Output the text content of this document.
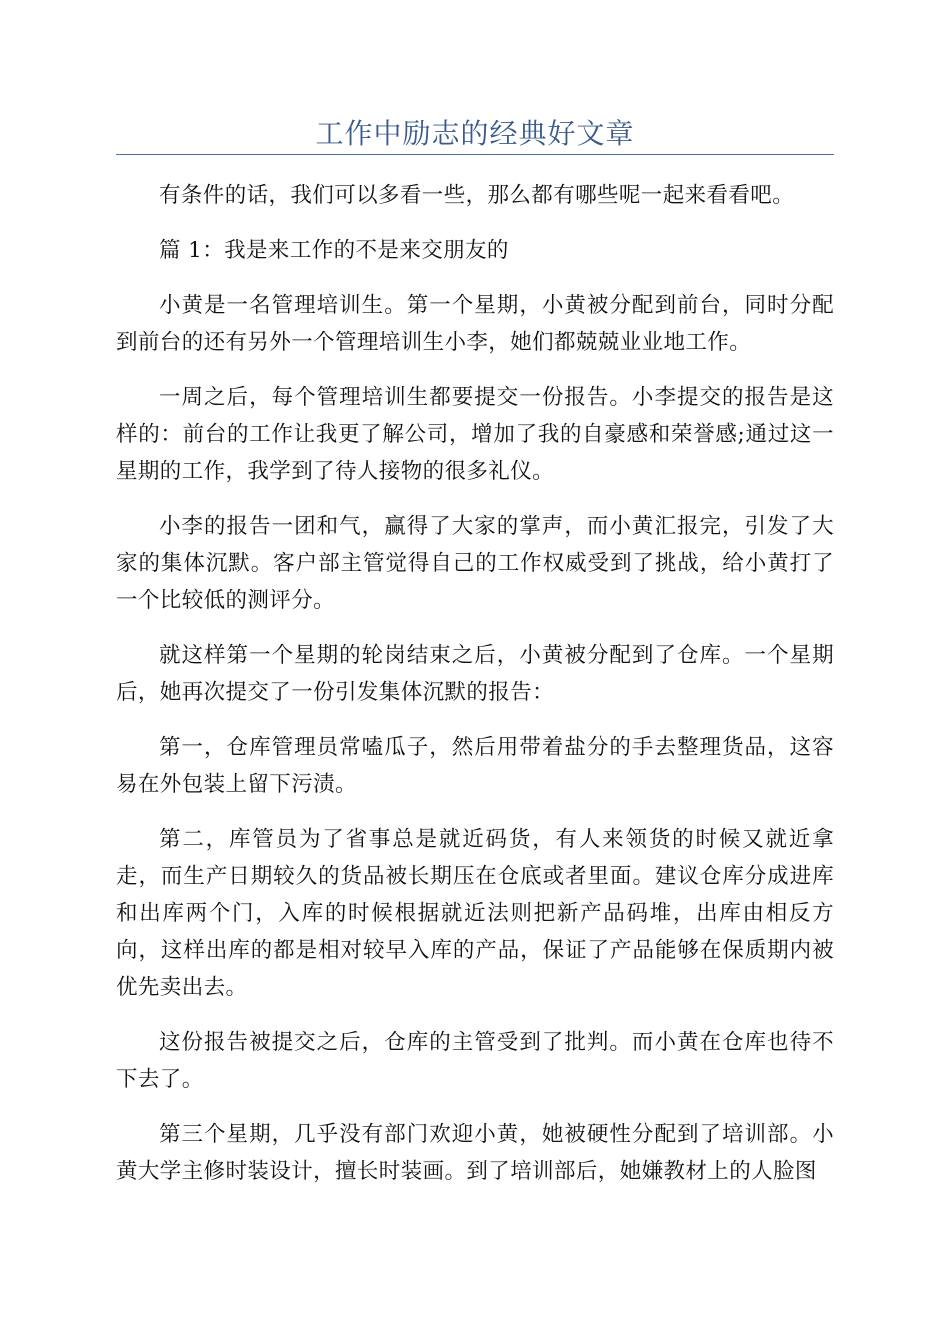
工作中励志的经典好文章

有条件的话，我们可以多看一些，那么都有哪些呢一起来看看吧。

篇 1：我是来工作的不是来交朋友的

小黄是一名管理培训生。第一个星期，小黄被分配到前台，同时分配到前台的还有另外一个管理培训生小李，她们都兢兢业业地工作。

一周之后，每个管理培训生都要提交一份报告。小李提交的报告是这样的：前台的工作让我更了解公司，增加了我的自豪感和荣誉感;通过这一星期的工作，我学到了待人接物的很多礼仪。

小李的报告一团和气，赢得了大家的掌声，而小黄汇报完，引发了大家的集体沉默。客户部主管觉得自己的工作权威受到了挑战，给小黄打了一个比较低的测评分。

就这样第一个星期的轮岗结束之后，小黄被分配到了仓库。一个星期后，她再次提交了一份引发集体沉默的报告：

第一，仓库管理员常嗑瓜子，然后用带着盐分的手去整理货品，这容易在外包装上留下污渍。

第二，库管员为了省事总是就近码货，有人来领货的时候又就近拿走，而生产日期较久的货品被长期压在仓底或者里面。建议仓库分成进库和出库两个门，入库的时候根据就近法则把新产品码堆，出库由相反方向，这样出库的都是相对较早入库的产品，保证了产品能够在保质期内被优先卖出去。

这份报告被提交之后，仓库的主管受到了批判。而小黄在仓库也待不下去了。

第三个星期，几乎没有部门欢迎小黄，她被硬性分配到了培训部。小黄大学主修时装设计，擅长时装画。到了培训部后，她嫌教材上的人脸图
